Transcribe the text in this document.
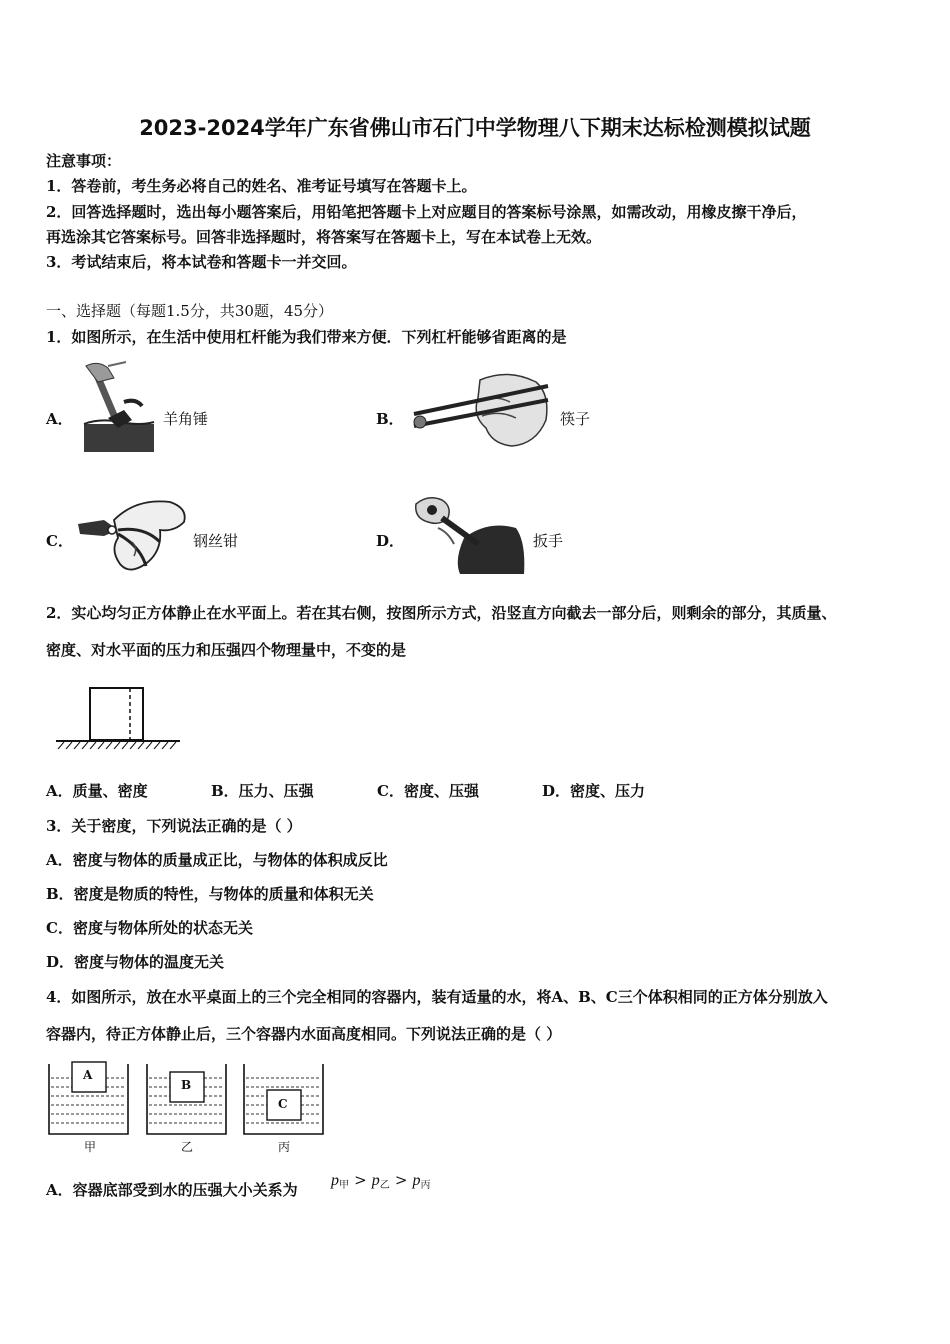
2023-2024学年广东省佛山市石门中学物理八下期末达标检测模拟试题
注意事项：
1．答卷前，考生务必将自己的姓名、准考证号填写在答题卡上。
2．回答选择题时，选出每小题答案后，用铅笔把答题卡上对应题目的答案标号涂黑，如需改动，用橡皮擦干净后，
再选涂其它答案标号。回答非选择题时，将答案写在答题卡上，写在本试卷上无效。
3．考试结束后，将本试卷和答题卡一并交回。
一、选择题（每题1.5分，共30题，45分）
1．如图所示，在生活中使用杠杆能为我们带来方便．下列杠杆能够省距离的是
A．	羊角锤	B．	筷子
C．	钢丝钳	D．	扳手
2．实心均匀正方体静止在水平面上。若在其右侧，按图所示方式，沿竖直方向截去一部分后，则剩余的部分，其质量、
密度、对水平面的压力和压强四个物理量中，不变的是
A．质量、密度	B．压力、压强	C．密度、压强	D．密度、压力
3．关于密度，下列说法正确的是（ ）
A．密度与物体的质量成正比，与物体的体积成反比
B．密度是物质的特性，与物体的质量和体积无关
C．密度与物体所处的状态无关
D．密度与物体的温度无关
4．如图所示，放在水平桌面上的三个完全相同的容器内，装有适量的水，将A、B、C三个体积相同的正方体分别放入
容器内，待正方体静止后，三个容器内水面高度相同。下列说法正确的是（ ）
A
B
C
甲	乙	丙
A．容器底部受到水的压强大小关系为
$p_甲 > p_乙 > p_丙$
